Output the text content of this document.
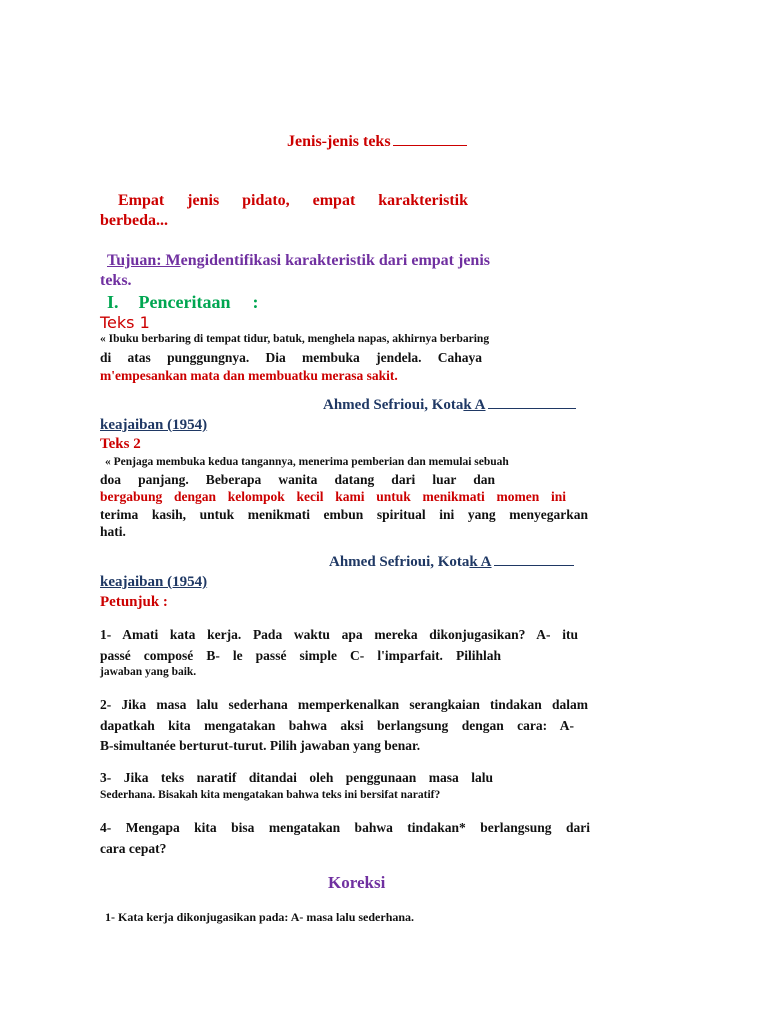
Jenis-jenis teks
Empat jenis pidato, empat karakteristik
berbeda...
Tujuan: Mengidentifikasi karakteristik dari empat jenis
teks.
I. Penceritaan :
Teks 1
« Ibuku berbaring di tempat tidur, batuk, menghela napas, akhirnya berbaring
di atas punggungnya. Dia membuka jendela. Cahaya
m'empesankan mata dan membuatku merasa sakit.
Ahmed Sefrioui, Kotak A
keajaiban (1954)
Teks 2
« Penjaga membuka kedua tangannya, menerima pemberian dan memulai sebuah
doa panjang. Beberapa wanita datang dari luar dan
bergabung dengan kelompok kecil kami untuk menikmati momen ini
terima kasih, untuk menikmati embun spiritual ini yang menyegarkan
hati.
Ahmed Sefrioui, Kotak A
keajaiban (1954)
Petunjuk :
1- Amati kata kerja. Pada waktu apa mereka dikonjugasikan? A- itu
passé composé B- le passé simple C- l'imparfait. Pilihlah
jawaban yang baik.
2- Jika masa lalu sederhana memperkenalkan serangkaian tindakan dalam
dapatkah kita mengatakan bahwa aksi berlangsung dengan cara: A-
B-simultanée berturut-turut. Pilih jawaban yang benar.
3- Jika teks naratif ditandai oleh penggunaan masa lalu
Sederhana. Bisakah kita mengatakan bahwa teks ini bersifat naratif?
4- Mengapa kita bisa mengatakan bahwa tindakan* berlangsung dari
cara cepat?
Koreksi
1- Kata kerja dikonjugasikan pada: A- masa lalu sederhana.
